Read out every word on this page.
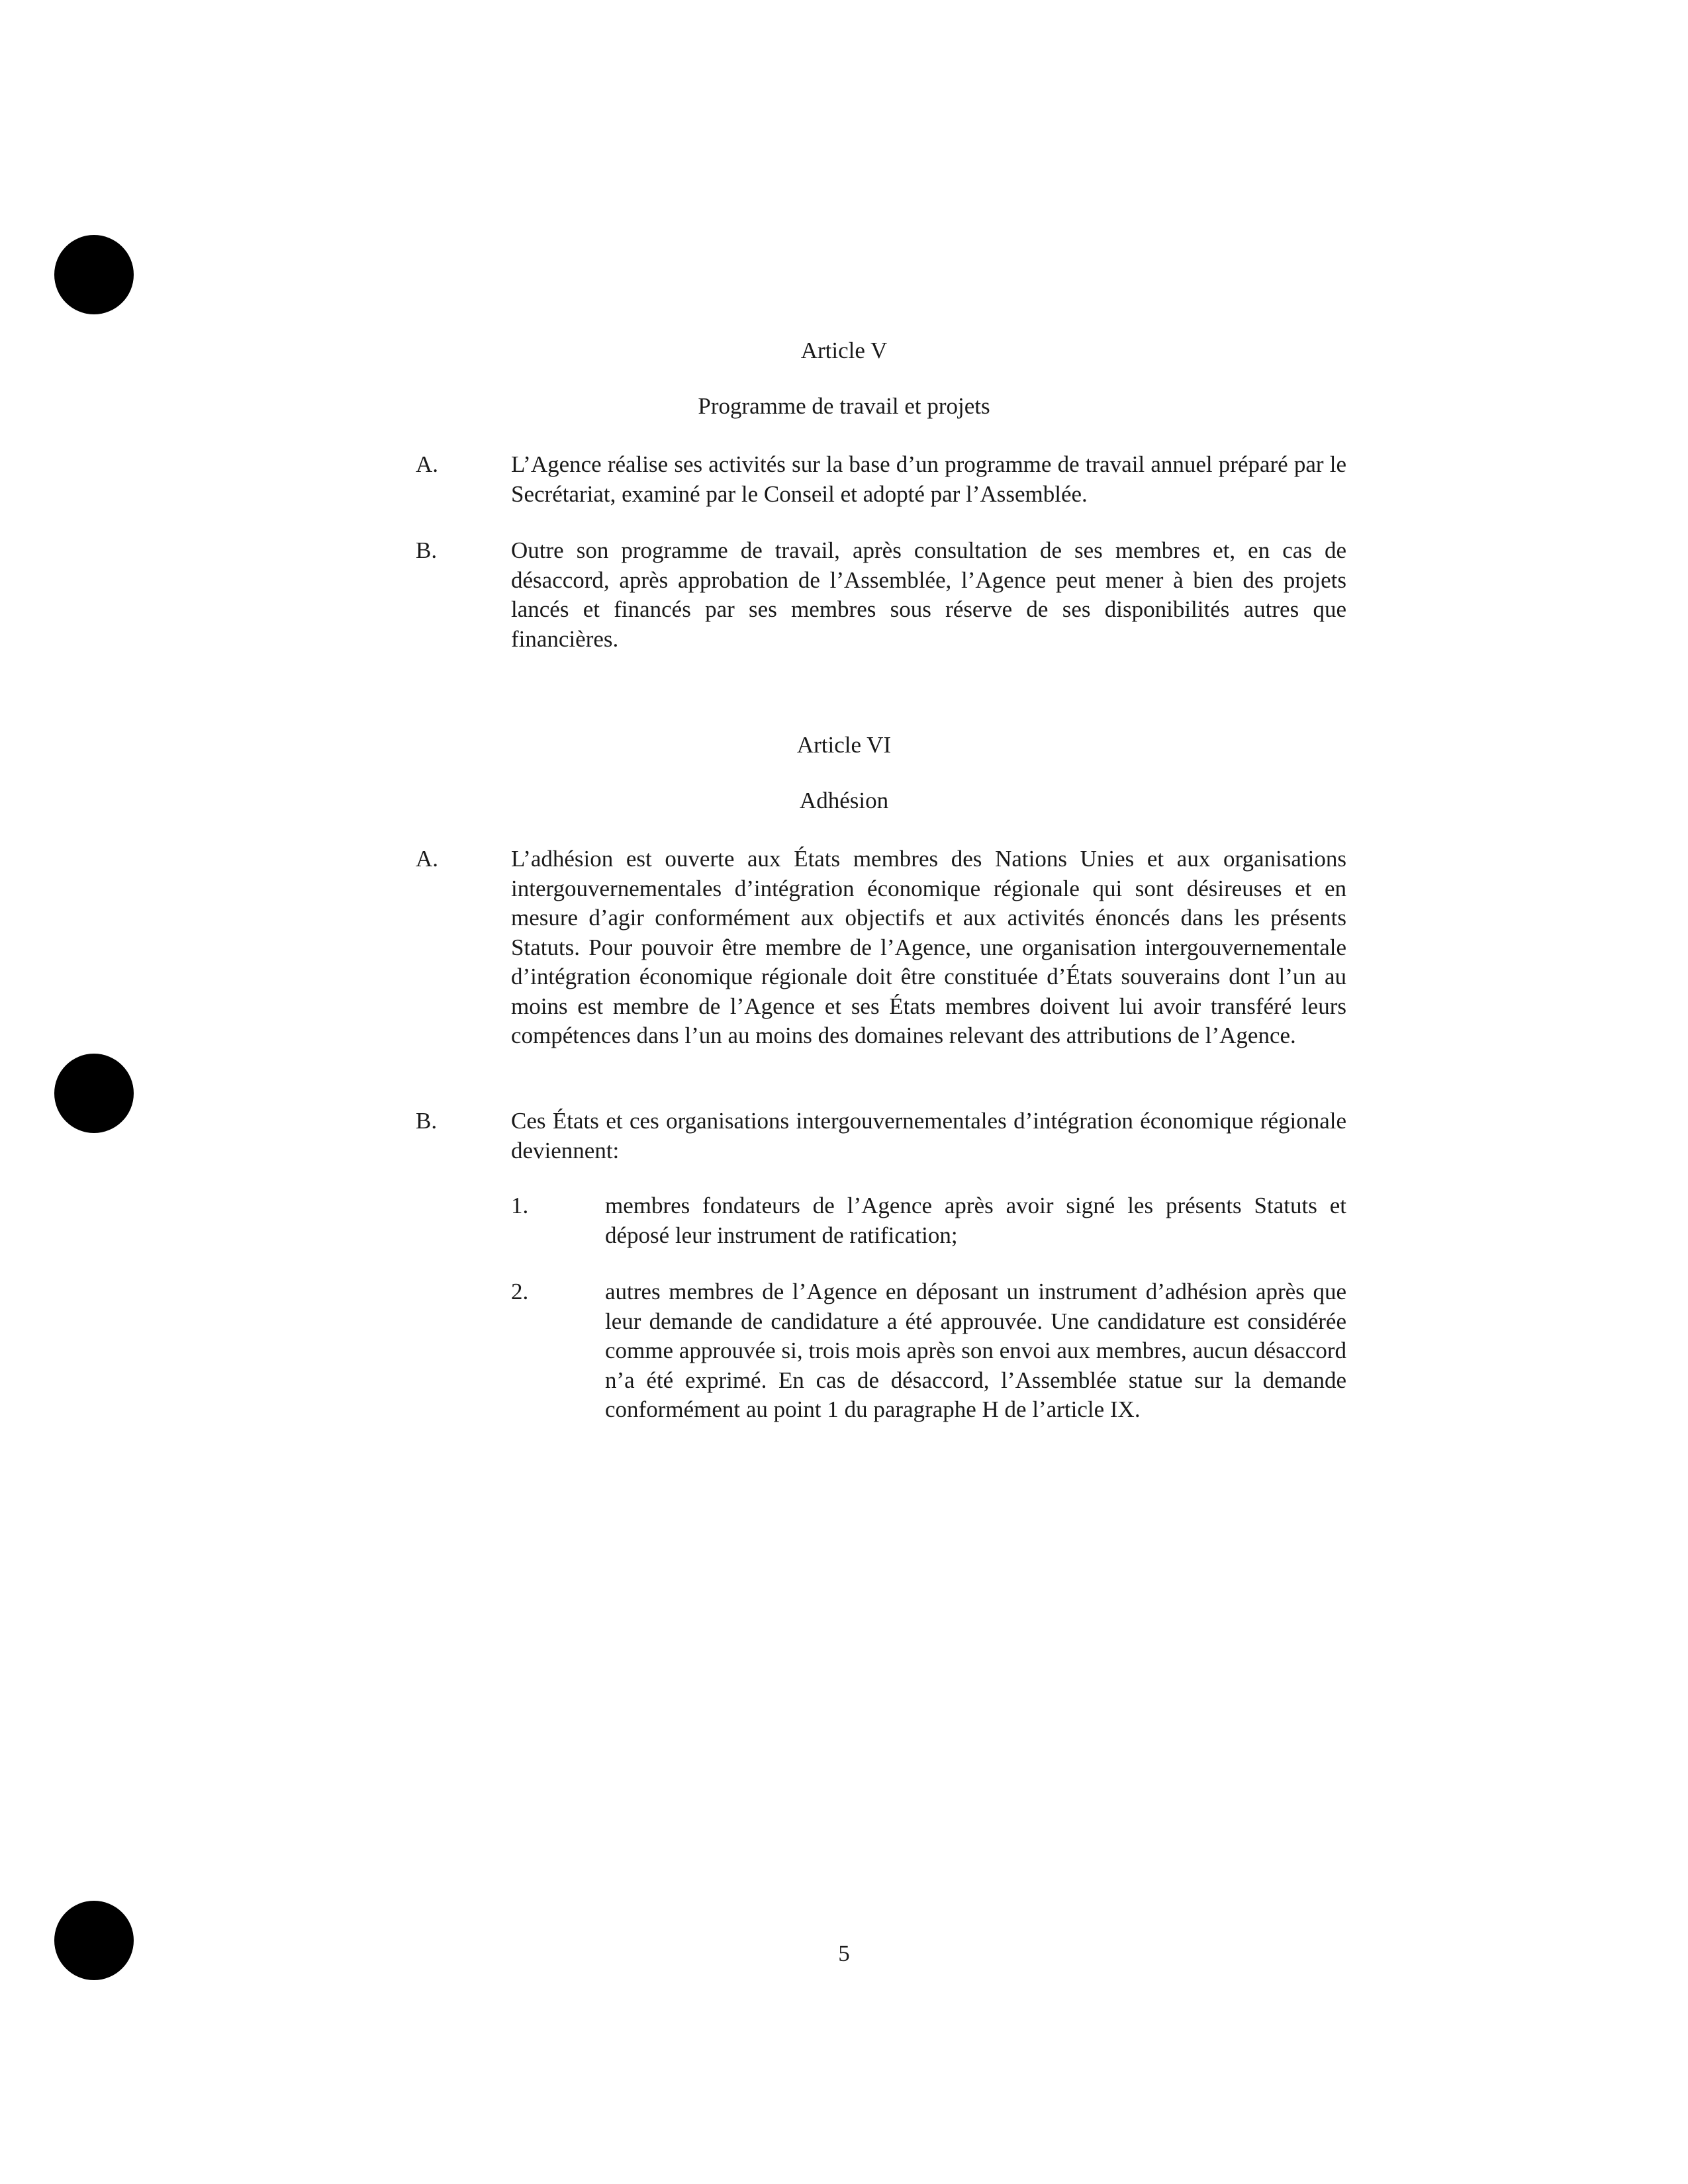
Article V
Programme de travail et projets
A.	L’Agence réalise ses activités sur la base d’un programme de travail annuel préparé par le Secrétariat, examiné par le Conseil et adopté par l’Assemblée.

B.	Outre son programme de travail, après consultation de ses membres et, en cas de désaccord, après approbation de l’Assemblée, l’Agence peut mener à bien des projets lancés et financés par ses membres sous réserve de ses disponibilités autres que financières.

Article VI
Adhésion
A.	L’adhésion est ouverte aux États membres des Nations Unies et aux organisations intergouvernementales d’intégration économique régionale qui sont désireuses et en mesure d’agir conformément aux objectifs et aux activités énoncés dans les présents Statuts. Pour pouvoir être membre de l’Agence, une organisation intergouvernementale d’intégration économique régionale doit être constituée d’États souverains dont l’un au moins est membre de l’Agence et ses États membres doivent lui avoir transféré leurs compétences dans l’un au moins des domaines relevant des attributions de l’Agence.

B.	Ces États et ces organisations intergouvernementales d’intégration économique régionale deviennent:

1.	membres fondateurs de l’Agence après avoir signé les présents Statuts et déposé leur instrument de ratification;

2.	autres membres de l’Agence en déposant un instrument d’adhésion après que leur demande de candidature a été approuvée. Une candidature est considérée comme approuvée si, trois mois après son envoi aux membres, aucun désaccord n’a été exprimé. En cas de désaccord, l’Assemblée statue sur la demande conformément au point 1 du paragraphe H de l’article IX.

5
